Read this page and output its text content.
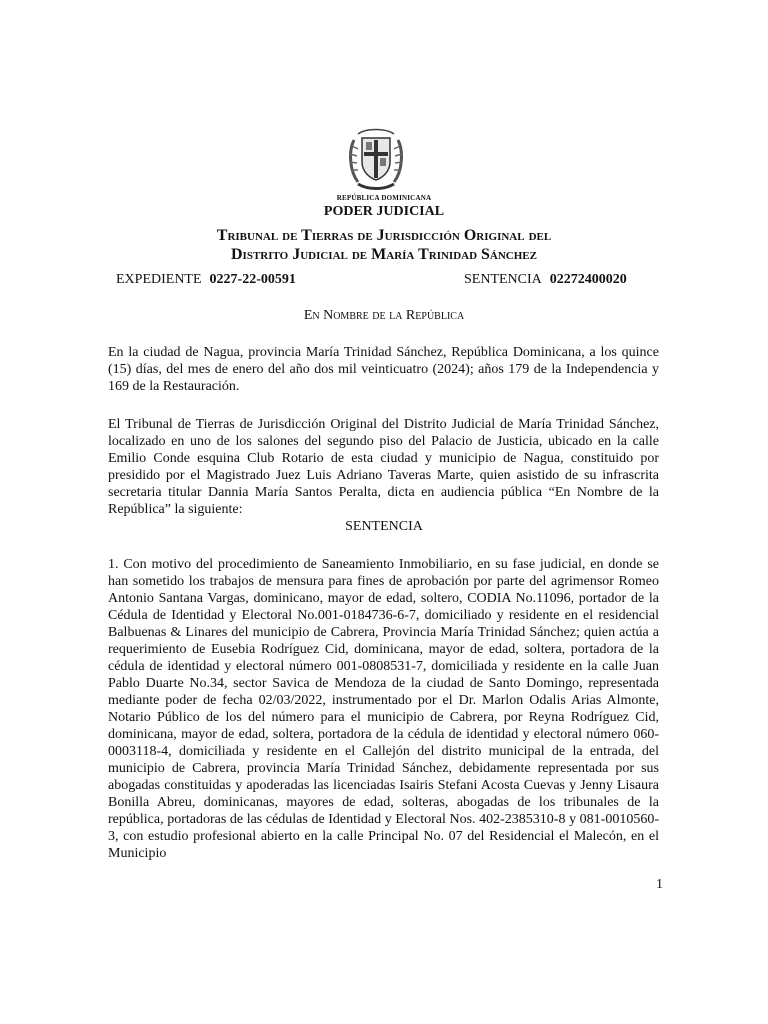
REPÚBLICA DOMINICANA
PODER JUDICIAL
Tribunal de Tierras de Jurisdicción Original del
Distrito Judicial de María Trinidad Sánchez
EXPEDIENTE 0227-22-00591	SENTENCIA 02272400020
En Nombre de la República

En la ciudad de Nagua, provincia María Trinidad Sánchez, República Dominicana, a los quince (15) días, del mes de enero del año dos mil veinticuatro (2024); años 179 de la Independencia y 169 de la Restauración.

El Tribunal de Tierras de Jurisdicción Original del Distrito Judicial de María Trinidad Sánchez, localizado en uno de los salones del segundo piso del Palacio de Justicia, ubicado en la calle Emilio Conde esquina Club Rotario de esta ciudad y municipio de Nagua, constituido por presidido por el Magistrado Juez Luis Adriano Taveras Marte, quien asistido de su infrascrita secretaria titular Dannia María Santos Peralta, dicta en audiencia pública “En Nombre de la República” la siguiente:

SENTENCIA

1. Con motivo del procedimiento de Saneamiento Inmobiliario, en su fase judicial, en donde se han sometido los trabajos de mensura para fines de aprobación por parte del agrimensor Romeo Antonio Santana Vargas, dominicano, mayor de edad, soltero, CODIA No.11096, portador de la Cédula de Identidad y Electoral No.001-0184736-6-7, domiciliado y residente en el residencial Balbuenas & Linares del municipio de Cabrera, Provincia María Trinidad Sánchez; quien actúa a requerimiento de Eusebia Rodríguez Cid, dominicana, mayor de edad, soltera, portadora de la cédula de identidad y electoral número 001-0808531-7, domiciliada y residente en la calle Juan Pablo Duarte No.34, sector Savica de Mendoza de la ciudad de Santo Domingo, representada mediante poder de fecha 02/03/2022, instrumentado por el Dr. Marlon Odalis Arias Almonte, Notario Público de los del número para el municipio de Cabrera, por Reyna Rodríguez Cid, dominicana, mayor de edad, soltera, portadora de la cédula de identidad y electoral número 060-0003118-4, domiciliada y residente en el Callejón del distrito municipal de la entrada, del municipio de Cabrera, provincia María Trinidad Sánchez, debidamente representada por sus abogadas constituidas y apoderadas las licenciadas Isairis Stefani Acosta Cuevas y Jenny Lisaura Bonilla Abreu, dominicanas, mayores de edad, solteras, abogadas de los tribunales de la república, portadoras de las cédulas de Identidad y Electoral Nos. 402-2385310-8 y 081-0010560-3, con estudio profesional abierto en la calle Principal No. 07 del Residencial el Malecón, en el Municipio

1
